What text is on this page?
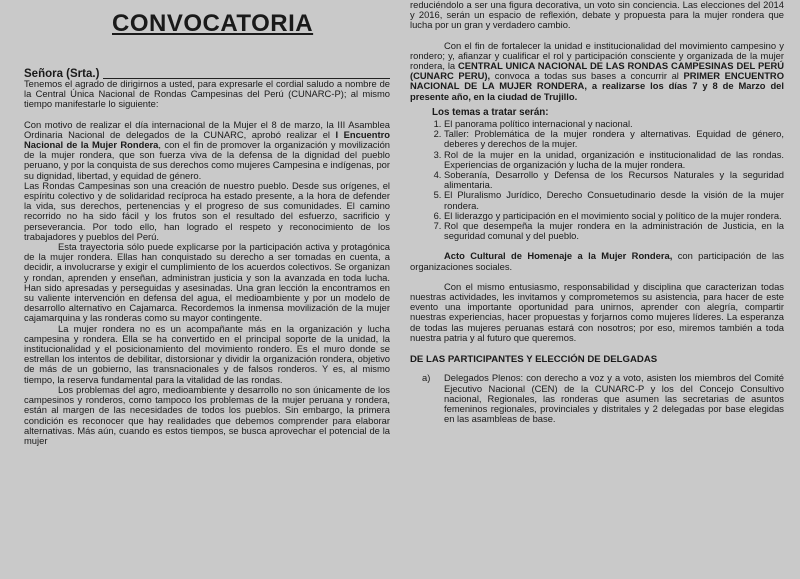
CONVOCATORIA
Señora (Srta.)

Tenemos el agrado de dirigirnos a usted, para expresarle el cordial saludo a nombre de la Central Única Nacional de Rondas Campesinas del Perú (CUNARC-P); al mismo tiempo manifestarle lo siguiente:

Con motivo de realizar el día internacional de la Mujer el 8 de marzo, la III Asamblea Ordinaria Nacional de delegados de la CUNARC, aprobó realizar el I Encuentro Nacional de la Mujer Rondera, con el fin de promover la organización y movilización de la mujer rondera, que son fuerza viva de la defensa de la dignidad del pueblo peruano, y por la conquista de sus derechos como mujeres Campesina e indígenas, por su dignidad, libertad, y equidad de género.

Las Rondas Campesinas son una creación de nuestro pueblo. Desde sus orígenes, el espíritu colectivo y de solidaridad recíproca ha estado presente, a la hora de defender la vida, sus derechos, pertenencias y el progreso de sus comunidades. El camino recorrido no ha sido fácil y los frutos son el resultado del esfuerzo, sacrificio y perseverancia. Por todo ello, han logrado el respeto y reconocimiento de los trabajadores y pueblos del Perú.

Esta trayectoria sólo puede explicarse por la participación activa y protagónica de la mujer rondera. Ellas han conquistado su derecho a ser tomadas en cuenta, a decidir, a involucrarse y exigir el cumplimiento de los acuerdos colectivos. Se organizan y rondan, aprenden y enseñan, administran justicia y son la avanzada en toda lucha. Han sido apresadas y perseguidas y asesinadas. Una gran lección la encontramos en su valiente intervención en defensa del agua, el medioambiente y por un modelo de desarrollo alternativo en Cajamarca. Recordemos la inmensa movilización de la mujer cajamarquina y las ronderas como su mayor contingente.

La mujer rondera no es un acompañante más en la organización y lucha campesina y rondera. Ella se ha convertido en el principal soporte de la unidad, la institucionalidad y el posicionamiento del movimiento rondero. Es el muro donde se estrellan los intentos de debilitar, distorsionar y dividir la organización rondera, objetivo de más de un gobierno, las transnacionales y de falsos ronderos. Y es, al mismo tiempo, la reserva fundamental para la vitalidad de las rondas.

Los problemas del agro, medioambiente y desarrollo no son únicamente de los campesinos y ronderos, como tampoco los problemas de la mujer peruana y rondera, están al margen de las necesidades de todos los pueblos. Sin embargo, la primera condición es reconocer que hay realidades que debemos comprender para elaborar alternativas. Más aún, cuando es estos tiempos, se busca aprovechar el potencial de la mujer

reduciéndolo a ser una figura decorativa, un voto sin conciencia. Las elecciones del 2014 y 2016, serán un espacio de reflexión, debate y propuesta para la mujer rondera que lucha por un gran y verdadero cambio.

Con el fin de fortalecer la unidad e institucionalidad del movimiento campesino y rondero; y, afianzar y cualificar el rol y participación consciente y organizada de la mujer rondera, la CENTRAL UNICA NACIONAL DE LAS RONDAS CAMPESINAS DEL PERÚ (CUNARC PERU), convoca a todas sus bases a concurrir al PRIMER ENCUENTRO NACIONAL DE LA MUJER RONDERA, a realizarse los días 7 y 8 de Marzo del presente año, en la ciudad de Trujillo.

Los temas a tratar serán:
1. El panorama político internacional y nacional.
2. Taller: Problemática de la mujer rondera y alternativas. Equidad de género, deberes y derechos de la mujer.
3. Rol de la mujer en la unidad, organización e institucionalidad de las rondas. Experiencias de organización y lucha de la mujer rondera.
4. Soberanía, Desarrollo y Defensa de los Recursos Naturales y la seguridad alimentaria.
5. El Pluralismo Jurídico, Derecho Consuetudinario desde la visión de la mujer rondera.
6. El liderazgo y participación en el movimiento social y político de la mujer rondera.
7. Rol que desempeña la mujer rondera en la administración de Justicia, en la seguridad comunal y del pueblo.

Acto Cultural de Homenaje a la Mujer Rondera, con participación de las organizaciones sociales.

Con el mismo entusiasmo, responsabilidad y disciplina que caracterizan todas nuestras actividades, les invitamos y comprometemos su asistencia, para hacer de este evento una importante oportunidad para unirnos, aprender con alegría, compartir nuestras experiencias, hacer propuestas y forjarnos como mujeres líderes. La esperanza de todas las mujeres peruanas estará con nosotros; por eso, miremos también a toda nuestra patria y al futuro que queremos.

DE LAS PARTICIPANTES Y ELECCIÓN DE DELGADAS
a)	Delegados Plenos: con derecho a voz y a voto, asisten los miembros del Comité Ejecutivo Nacional (CEN) de la CUNARC-P y los del Concejo Consultivo nacional, Regionales, las ronderas que asumen las secretarias de asuntos femeninos regionales, provinciales y distritales y 2 delegadas por base elegidas en las asambleas de base.
